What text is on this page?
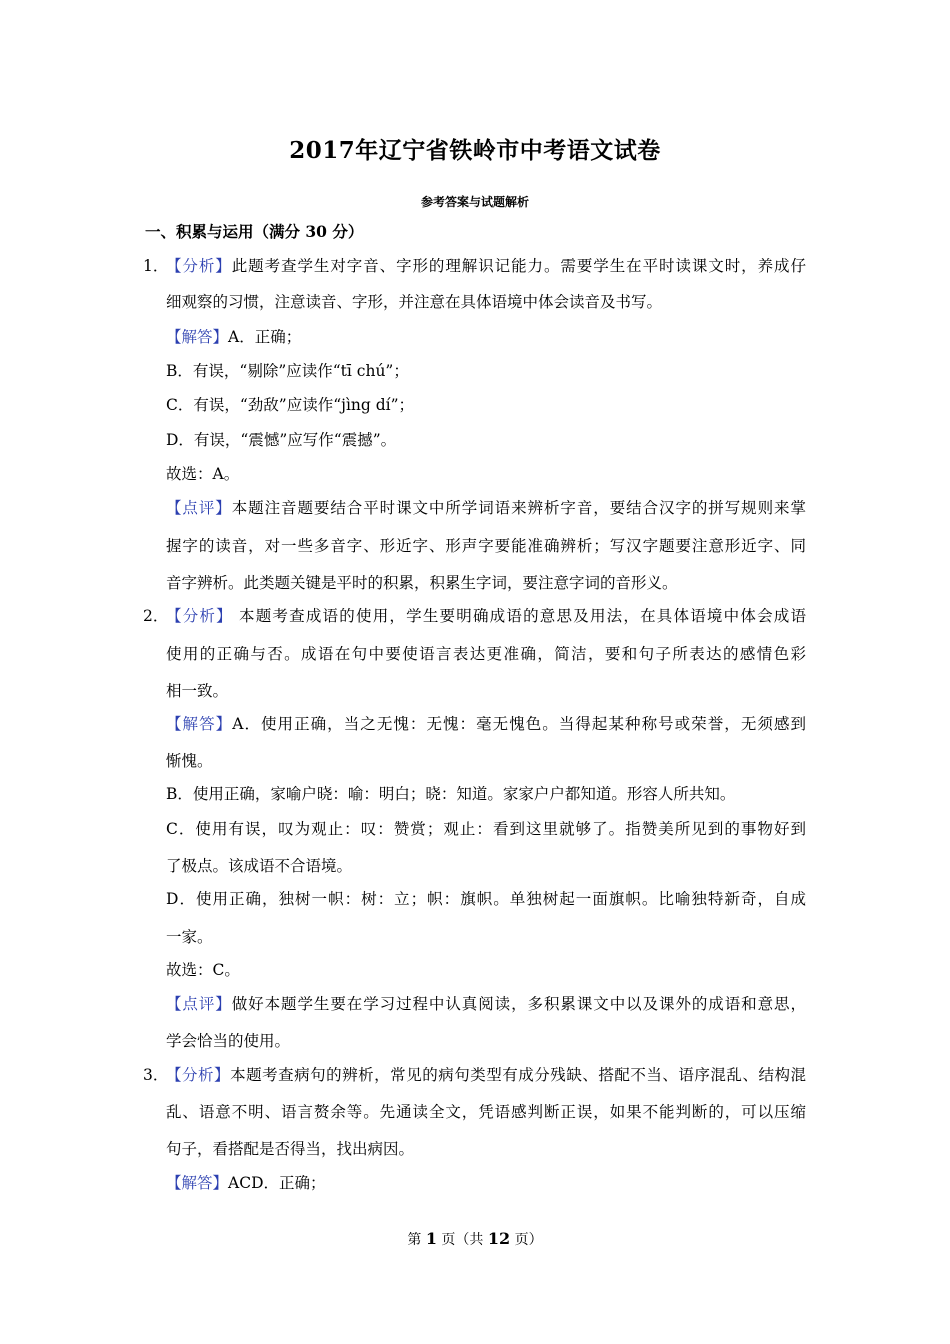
2017年辽宁省铁岭市中考语文试卷
参考答案与试题解析
一、积累与运用（满分 30 分）
1．
【分析】此题考查学生对字音、字形的理解识记能力。需要学生在平时读课文时，养成仔
细观察的习惯，注意读音、字形，并注意在具体语境中体会读音及书写。
【解答】A．正确；
B．有误，“剔除”应读作“tī chú”；
C．有误，“劲敌”应读作“jìng dí”；
D．有误，“震憾”应写作“震撼”。
故选：A。
【点评】本题注音题要结合平时课文中所学词语来辨析字音，要结合汉字的拼写规则来掌
握字的读音，对一些多音字、形近字、形声字要能准确辨析；写汉字题要注意形近字、同
音字辨析。此类题关键是平时的积累，积累生字词，要注意字词的音形义。
2．
【分析】 本题考查成语的使用，学生要明确成语的意思及用法，在具体语境中体会成语
使用的正确与否。成语在句中要使语言表达更准确，简洁，要和句子所表达的感情色彩
相一致。
【解答】A．使用正确，当之无愧：无愧：毫无愧色。当得起某种称号或荣誉，无须感到
惭愧。
B．使用正确，家喻户晓：喻：明白；晓：知道。家家户户都知道。形容人所共知。
C．使用有误，叹为观止：叹：赞赏；观止：看到这里就够了。指赞美所见到的事物好到
了极点。该成语不合语境。
D．使用正确，独树一帜：树：立；帜：旗帜。单独树起一面旗帜。比喻独特新奇，自成
一家。
故选：C。
【点评】做好本题学生要在学习过程中认真阅读，多积累课文中以及课外的成语和意思，
学会恰当的使用。
3．
【分析】本题考查病句的辨析，常见的病句类型有成分残缺、搭配不当、语序混乱、结构混
乱、语意不明、语言赘余等。先通读全文，凭语感判断正误，如果不能判断的，可以压缩
句子，看搭配是否得当，找出病因。
【解答】ACD．正确；
第 1 页（共 12 页）
